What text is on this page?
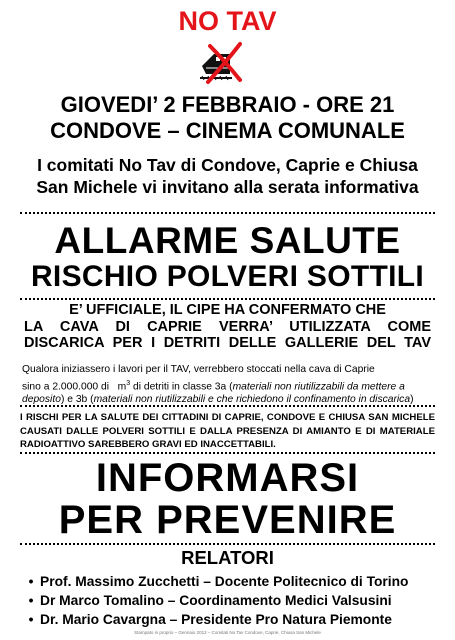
NO TAV
GIOVEDI’ 2 FEBBRAIO - ORE 21
CONDOVE – CINEMA COMUNALE
I comitati No Tav di Condove, Caprie e Chiusa
San Michele vi invitano alla serata informativa
ALLARME SALUTE
RISCHIO POLVERI SOTTILI
E’ UFFICIALE, IL CIPE HA CONFERMATO CHE
LA CAVA DI CAPRIE VERRA’ UTILIZZATA COME
DISCARICA PER I DETRITI DELLE GALLERIE DEL TAV
Qualora iniziassero i lavori per il TAV, verrebbero stoccati nella cava di Caprie
sino a 2.000.000 di $m^3$ di detriti in classe 3a (materiali non riutilizzabili da mettere a
deposito) e 3b (materiali non riutilizzabili e che richiedono il confinamento in discarica)
I RISCHI PER LA SALUTE DEI CITTADINI DI CAPRIE, CONDOVE E CHIUSA SAN MICHELE CAUSATI DALLE POLVERI SOTTILI E DALLA PRESENZA DI AMIANTO E DI MATERIALE RADIOATTIVO SAREBBERO GRAVI ED INACCETTABILI.
INFORMARSI
PER PREVENIRE
RELATORI
• Prof. Massimo Zucchetti – Docente Politecnico di Torino
• Dr Marco Tomalino – Coordinamento Medici Valsusini
• Dr. Mario Cavargna – Presidente Pro Natura Piemonte
Stampato in proprio – Gennaio 2012 – Comitati No Tav Condove, Caprie, Chiusa San Michele
